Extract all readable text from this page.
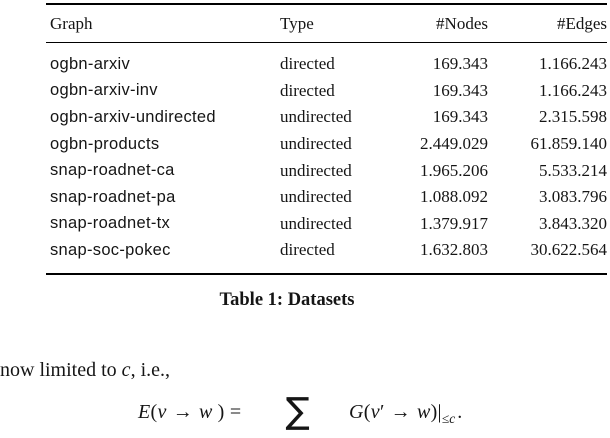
Graph	Type	#Nodes	#Edges
ogbn-arxiv	directed	169.343	1.166.243
ogbn-arxiv-inv	directed	169.343	1.166.243
ogbn-arxiv-undirected	undirected	169.343	2.315.598
ogbn-products	undirected	2.449.029	61.859.140
snap-roadnet-ca	undirected	1.965.206	5.533.214
snap-roadnet-pa	undirected	1.088.092	3.083.796
snap-roadnet-tx	undirected	1.379.917	3.843.320
snap-soc-pokec	directed	1.632.803	30.622.564
Table 1: Datasets
now limited to c, i.e.,
E ( v → w ) = ∑ G ( v ′ → w )| ≤c .
